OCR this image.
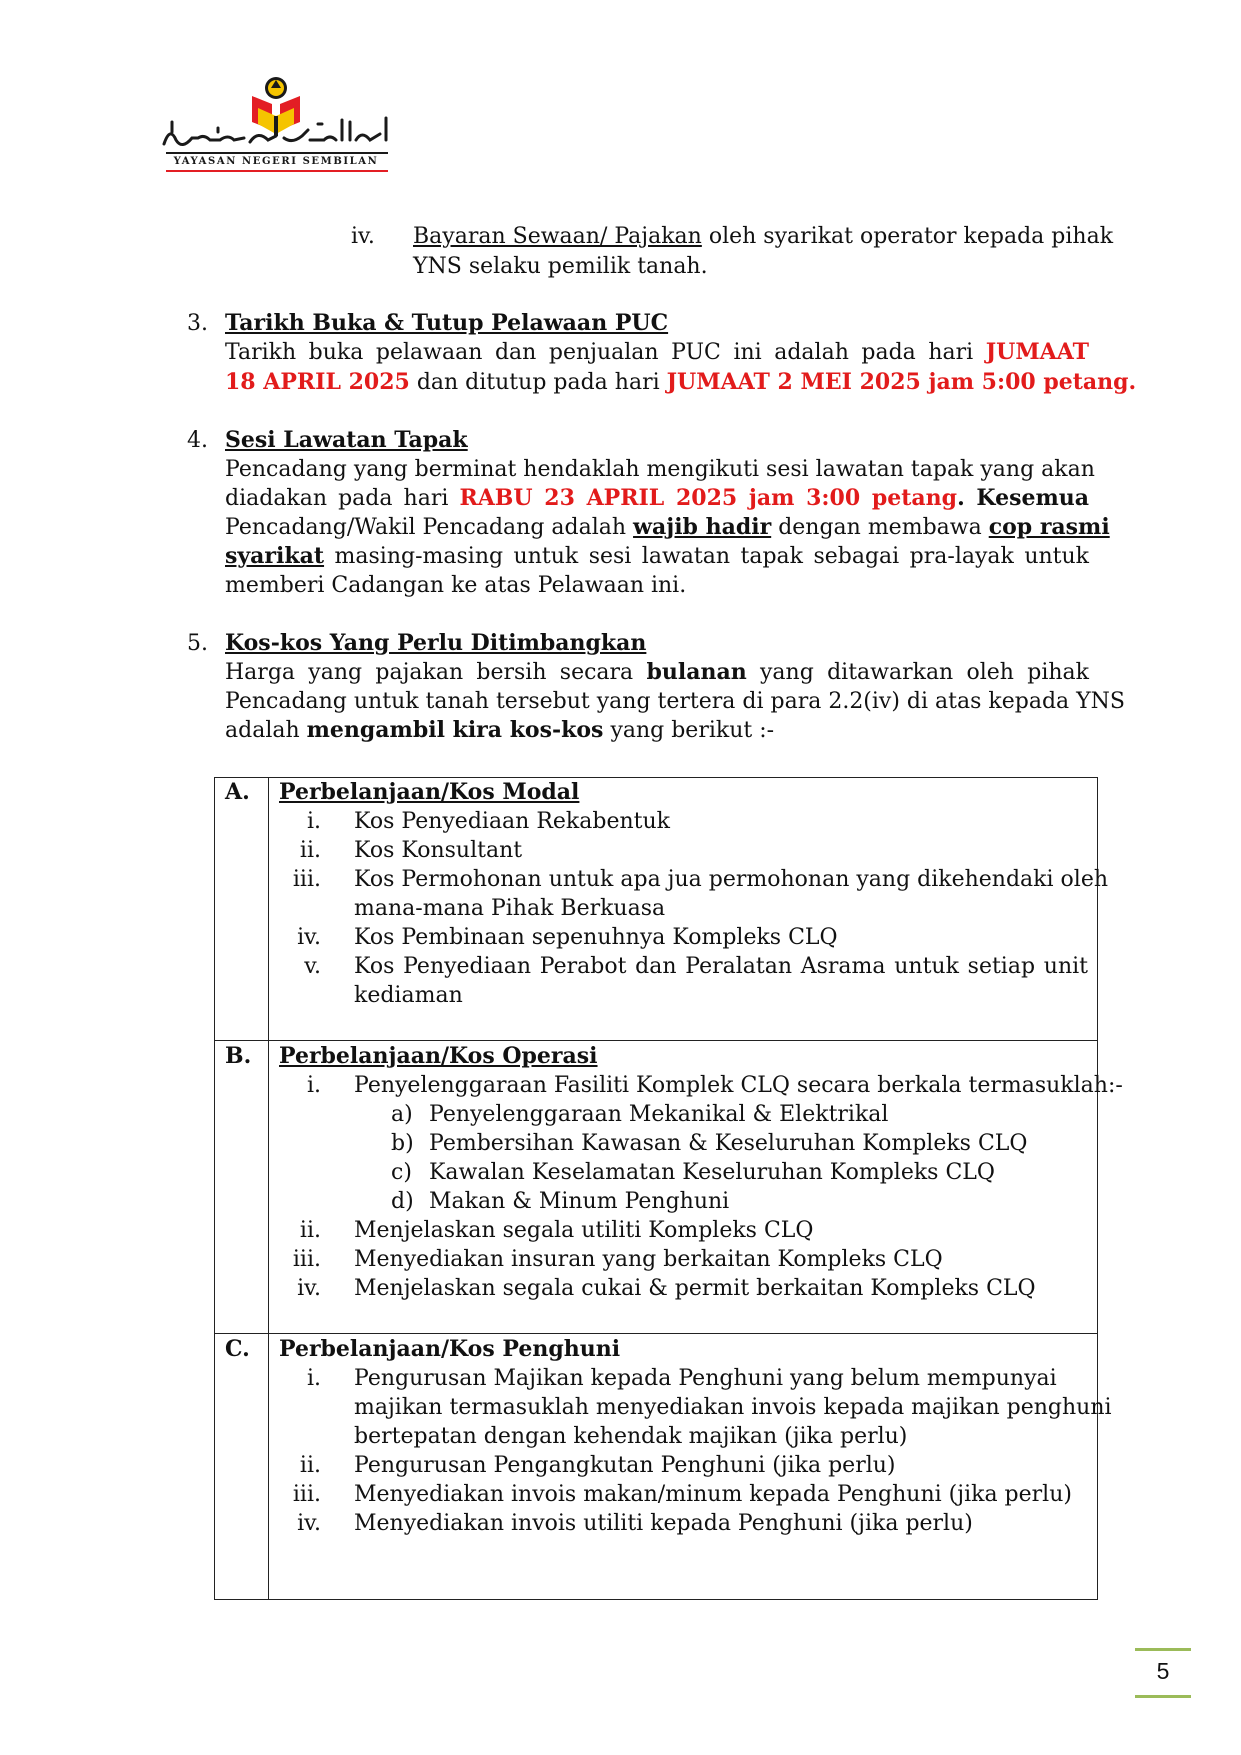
YAYASAN NEGERI SEMBILAN
iv. Bayaran Sewaan/ Pajakan oleh syarikat operator kepada pihak
YNS selaku pemilik tanah.
3. Tarikh Buka & Tutup Pelawaan PUC
Tarikh buka pelawaan dan penjualan PUC ini adalah pada hari JUMAAT
18 APRIL 2025 dan ditutup pada hari JUMAAT 2 MEI 2025 jam 5:00 petang.
4. Sesi Lawatan Tapak
Pencadang yang berminat hendaklah mengikuti sesi lawatan tapak yang akan
diadakan pada hari RABU 23 APRIL 2025 jam 3:00 petang. Kesemua
Pencadang/Wakil Pencadang adalah wajib hadir dengan membawa cop rasmi
syarikat masing-masing untuk sesi lawatan tapak sebagai pra-layak untuk
memberi Cadangan ke atas Pelawaan ini.
5. Kos-kos Yang Perlu Ditimbangkan
Harga yang pajakan bersih secara bulanan yang ditawarkan oleh pihak
Pencadang untuk tanah tersebut yang tertera di para 2.2(iv) di atas kepada YNS
adalah mengambil kira kos-kos yang berikut :-
A. Perbelanjaan/Kos Modal
i. Kos Penyediaan Rekabentuk
ii. Kos Konsultant
iii. Kos Permohonan untuk apa jua permohonan yang dikehendaki oleh
mana-mana Pihak Berkuasa
iv. Kos Pembinaan sepenuhnya Kompleks CLQ
v. Kos Penyediaan Perabot dan Peralatan Asrama untuk setiap unit
kediaman
B. Perbelanjaan/Kos Operasi
i. Penyelenggaraan Fasiliti Komplek CLQ secara berkala termasuklah:-
a) Penyelenggaraan Mekanikal & Elektrikal
b) Pembersihan Kawasan & Keseluruhan Kompleks CLQ
c) Kawalan Keselamatan Keseluruhan Kompleks CLQ
d) Makan & Minum Penghuni
ii. Menjelaskan segala utiliti Kompleks CLQ
iii. Menyediakan insuran yang berkaitan Kompleks CLQ
iv. Menjelaskan segala cukai & permit berkaitan Kompleks CLQ
C. Perbelanjaan/Kos Penghuni
i. Pengurusan Majikan kepada Penghuni yang belum mempunyai
majikan termasuklah menyediakan invois kepada majikan penghuni
bertepatan dengan kehendak majikan (jika perlu)
ii. Pengurusan Pengangkutan Penghuni (jika perlu)
iii. Menyediakan invois makan/minum kepada Penghuni (jika perlu)
iv. Menyediakan invois utiliti kepada Penghuni (jika perlu)
5
